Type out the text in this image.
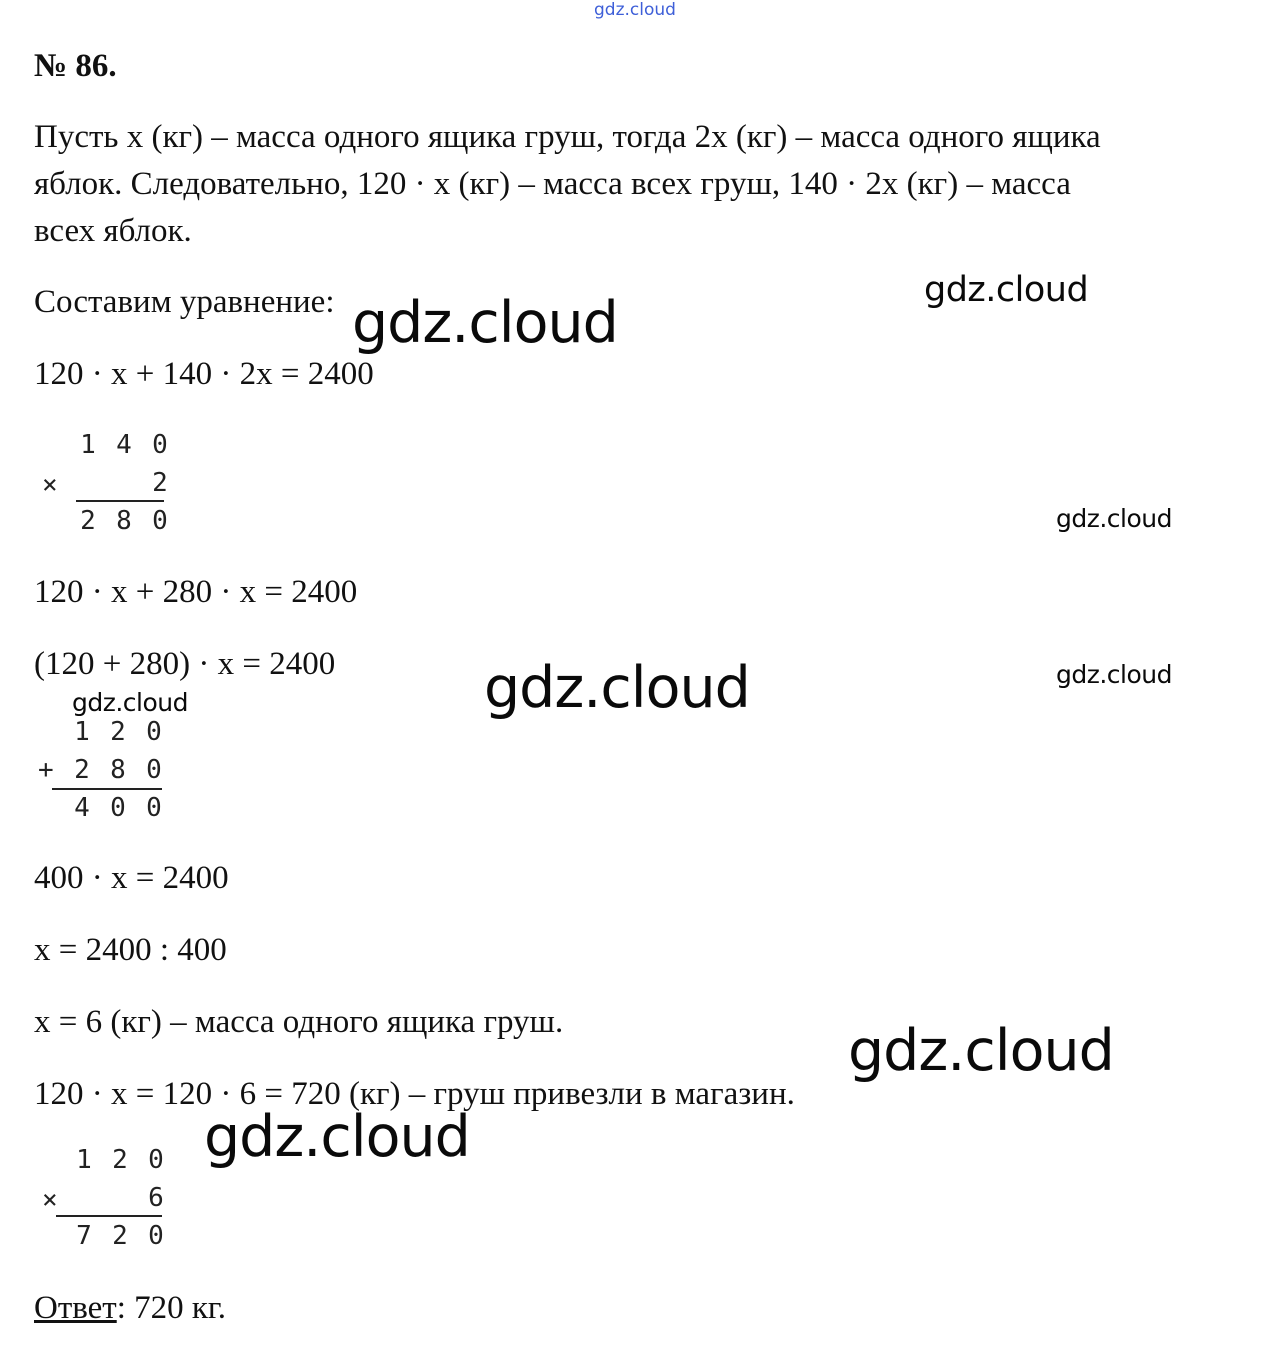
gdz.cloud
№ 86.
Пусть х (кг) – масса одного ящика груш, тогда 2х (кг) – масса одного ящика
яблок. Следовательно, 120 · х (кг) – масса всех груш, 140 · 2х (кг) – масса
всех яблок.
Составим уравнение:
120 · х + 140 · 2х = 2400
1 4 0
×	2
2 8 0
120 · х + 280 · х = 2400
(120 + 280) · х = 2400
1 2 0
+ 2 8 0
4 0 0
400 · х = 2400
х = 2400 : 400
х = 6 (кг) – масса одного ящика груш.
120 · х = 120 · 6 = 720 (кг) – груш привезли в магазин.
1 2 0
×	6
7 2 0
Ответ: 720 кг.
gdz.cloud
gdz.cloud
gdz.cloud
gdz.cloud
gdz.cloud
gdz.cloud
gdz.cloud
gdz.cloud
